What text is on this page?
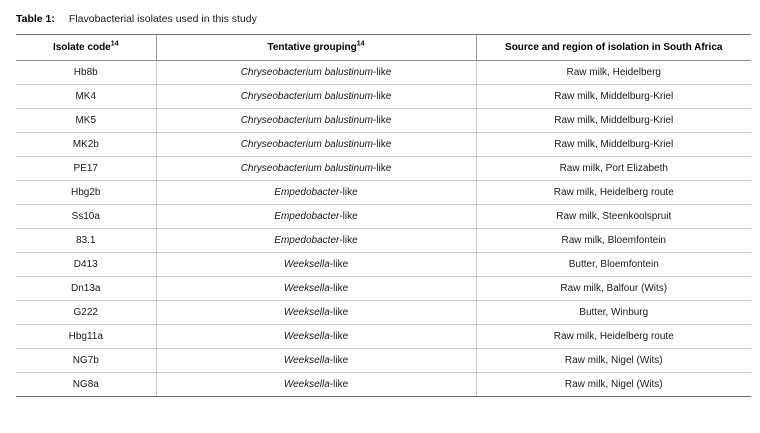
Table 1: Flavobacterial isolates used in this study
Isolate code$^{14}$	Tentative grouping$^{14}$	Source and region of isolation in South Africa
Hb8b	Chryseobacterium balustinum-like	Raw milk, Heidelberg
MK4	Chryseobacterium balustinum-like	Raw milk, Middelburg-Kriel
MK5	Chryseobacterium balustinum-like	Raw milk, Middelburg-Kriel
MK2b	Chryseobacterium balustinum-like	Raw milk, Middelburg-Kriel
PE17	Chryseobacterium balustinum-like	Raw milk, Port Elizabeth
Hbg2b	Empedobacter-like	Raw milk, Heidelberg route
Ss10a	Empedobacter-like	Raw milk, Steenkoolspruit
83.1	Empedobacter-like	Raw milk, Bloemfontein
D413	Weeksella-like	Butter, Bloemfontein
Dn13a	Weeksella-like	Raw milk, Balfour (Wits)
G222	Weeksella-like	Butter, Winburg
Hbg11a	Weeksella-like	Raw milk, Heidelberg route
NG7b	Weeksella-like	Raw milk, Nigel (Wits)
NG8a	Weeksella-like	Raw milk, Nigel (Wits)
